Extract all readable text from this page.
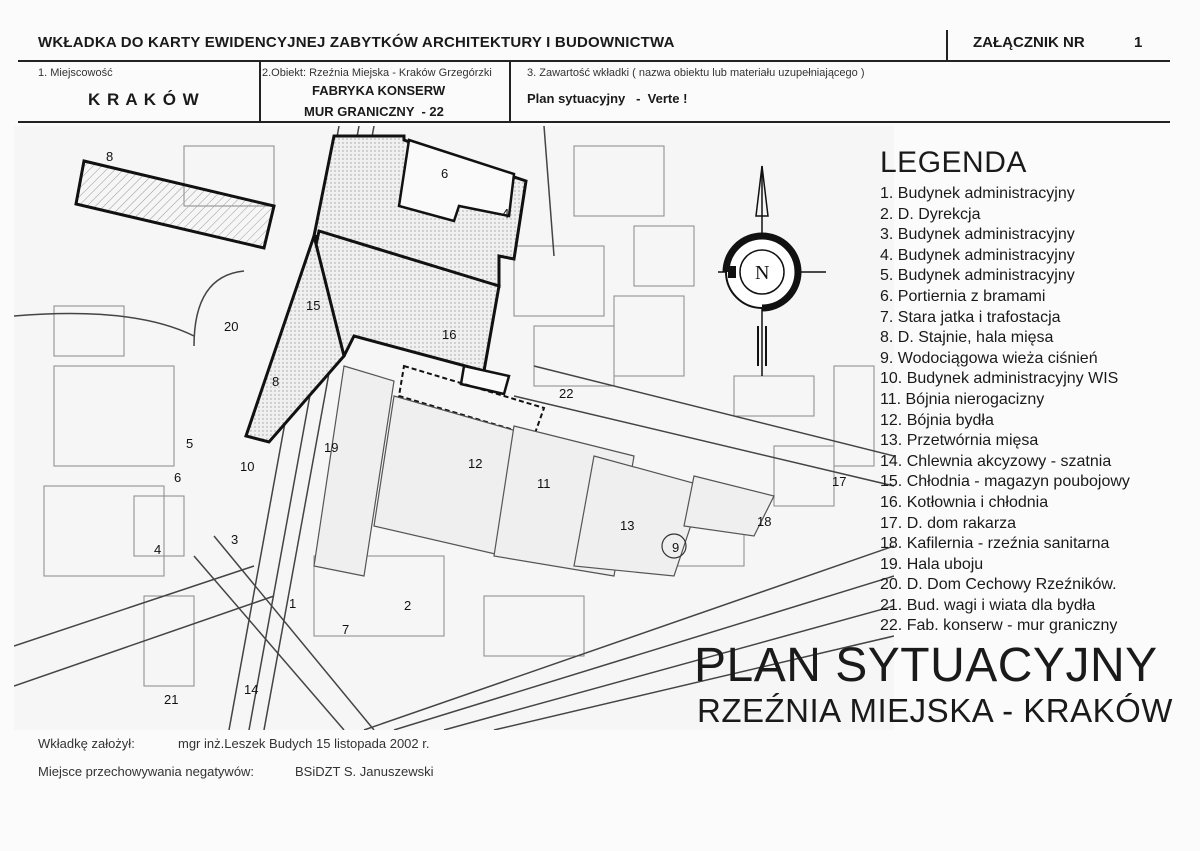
WKŁADKA DO KARTY EWIDENCYJNEJ ZABYTKÓW ARCHITEKTURY I BUDOWNICTWA	ZAŁĄCZNIK NR	1
1. Miejscowość
K R A K Ó W
2.Obiekt: Rzeźnia Miejska - Kraków Grzegórzki
FABRYKA KONSERW
MUR GRANICZNY  - 22
3. Zawartość wkładki ( nazwa obiektu lub materiału uzupełniającego )
Plan sytuacyjny   -  Verte !
1	2
3
4
4
5
6
6
7
8
8
9
10
11
12
13
14
15
16
17
18
19
20
21
22
N
LEGENDA
1. Budynek administracyjny
2. D. Dyrekcja
3. Budynek administracyjny
4. Budynek administracyjny
5. Budynek administracyjny
6. Portiernia z bramami
7. Stara jatka i trafostacja
8. D. Stajnie, hala mięsa
9. Wodociągowa wieża ciśnień
10. Budynek administracyjny WIS
11. Bójnia nierogacizny
12. Bójnia bydła
13. Przetwórnia mięsa
14. Chlewnia akcyzowy - szatnia
15. Chłodnia - magazyn poubojowy
16. Kotłownia i chłodnia
17. D. dom rakarza
18. Kafilernia - rzeźnia sanitarna
19. Hala uboju
20. D. Dom Cechowy Rzeźników.
21. Bud. wagi i wiata dla bydła
22. Fab. konserw - mur graniczny
PLAN SYTUACYJNY
RZEŹNIA MIEJSKA - KRAKÓW
Wkładkę założył:	mgr inż.Leszek Budych 15 listopada 2002 r.
Miejsce przechowywania negatywów:	BSiDZT S. Januszewski
